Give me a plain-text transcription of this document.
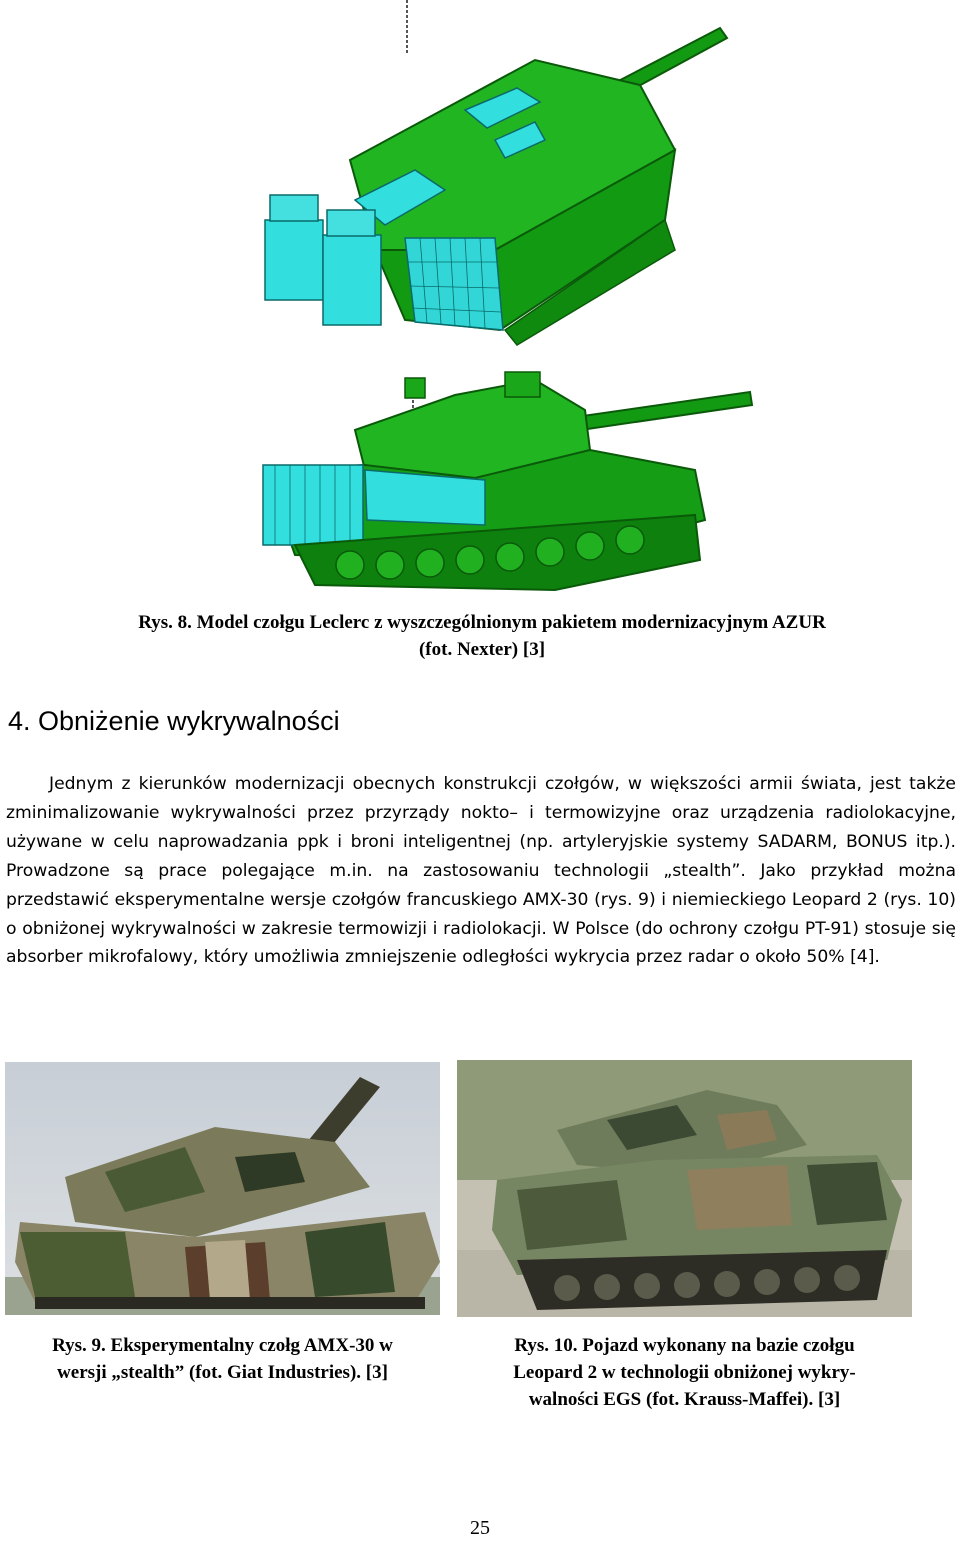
Rys. 8. Model czołgu Leclerc z wyszczególnionym pakietem modernizacyjnym AZUR
(fot. Nexter) [3]
4. Obniżenie wykrywalności

Jednym z kierunków modernizacji obecnych konstrukcji czołgów, w większości armii świata, jest także zminimalizowanie wykrywalności przez przyrządy nokto– i termowizyjne oraz urządzenia radiolokacyjne, używane w celu naprowadzania ppk i broni inteligentnej (np. artyleryjskie systemy SADARM, BONUS itp.). Prowadzone są prace polegające m.in. na zastosowaniu technologii „stealth”. Jako przykład można przedstawić eksperymentalne wersje czołgów francuskiego AMX-30 (rys. 9) i niemieckiego Leopard 2 (rys. 10) o obniżonej wykrywalności w zakresie termowizji i radiolokacji. W Polsce (do ochrony czołgu PT-91) stosuje się absorber mikrofalowy, który umożliwia zmniejszenie odległości wykrycia przez radar o około 50% [4].

Rys. 9. Eksperymentalny czołg AMX-30 w
wersji „stealth” (fot. Giat Industries). [3]
Rys. 10. Pojazd wykonany na bazie czołgu
Leopard 2 w technologii obniżonej wykry-
walności EGS (fot. Krauss-Maffei). [3]
25
